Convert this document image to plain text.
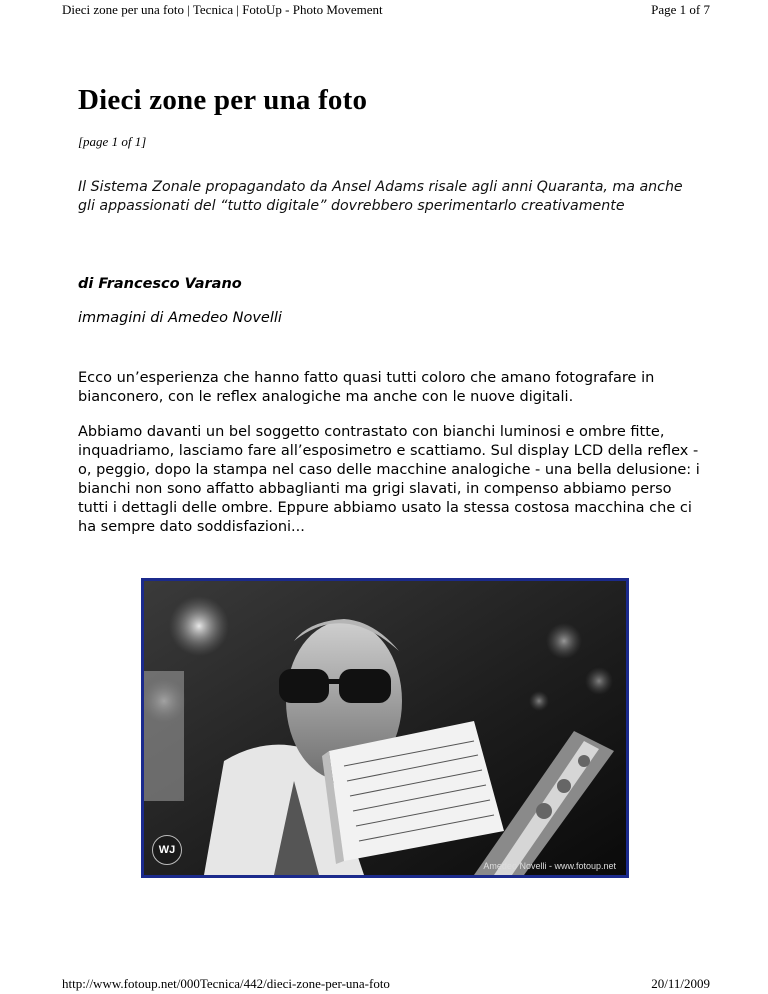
Dieci zone per una foto | Tecnica | FotoUp - Photo Movement	Page 1 of 7
Dieci zone per una foto
[page 1 of 1]
Il Sistema Zonale propagandato da Ansel Adams risale agli anni Quaranta, ma anche gli appassionati del “tutto digitale” dovrebbero sperimentarlo creativamente
di Francesco Varano
immagini di Amedeo Novelli

Ecco un’esperienza che hanno fatto quasi tutti coloro che amano fotografare in bianconero, con le reflex analogiche ma anche con le nuove digitali.

Abbiamo davanti un bel soggetto contrastato con bianchi luminosi e ombre fitte, inquadriamo, lasciamo fare all’esposimetro e scattiamo. Sul display LCD della reflex - o, peggio, dopo la stampa nel caso delle macchine analogiche - una bella delusione: i bianchi non sono affatto abbaglianti ma grigi slavati, in compenso abbiamo perso tutti i dettagli delle ombre. Eppure abbiamo usato la stessa costosa macchina che ci ha sempre dato soddisfazioni...

WJ
Amedeo Novelli - www.fotoup.net
http://www.fotoup.net/000Tecnica/442/dieci-zone-per-una-foto	20/11/2009
